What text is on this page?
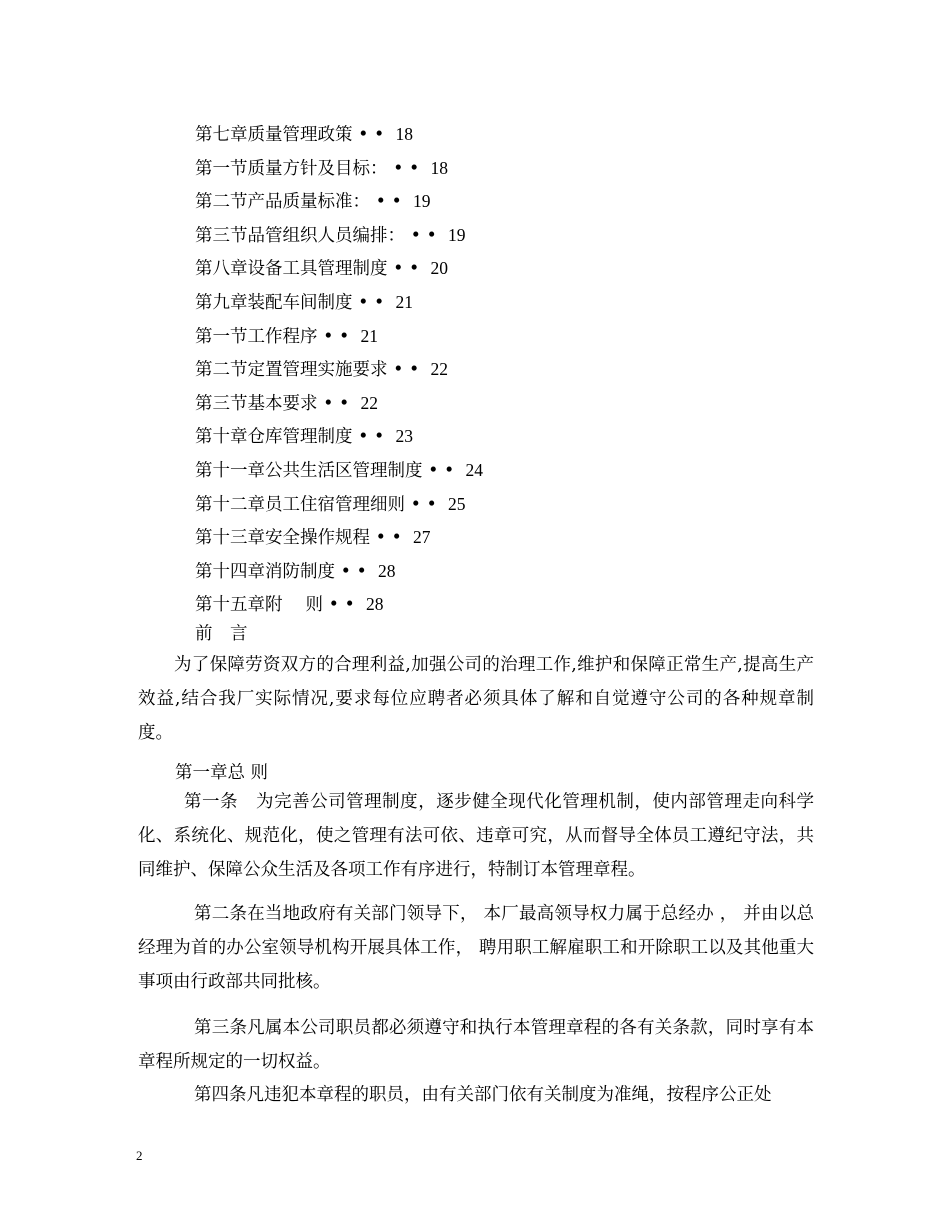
第七章质量管理政策 • • 18
第一节质量方针及目标： • • 18
第二节产品质量标准： • • 19
第三节品管组织人员编排： • • 19
第八章设备工具管理制度 • • 20
第九章装配车间制度 • • 21
第一节工作程序 • • 21
第二节定置管理实施要求 • • 22
第三节基本要求 • • 22
第十章仓库管理制度 • • 23
第十一章公共生活区管理制度 • • 24
第十二章员工住宿管理细则 • • 25
第十三章安全操作规程 • • 27
第十四章消防制度 • • 28
第十五章附　 则 • • 28
前　言

为了保障劳资双方的合理利益,加强公司的治理工作,维护和保障正常生产,提高生产效益,结合我厂实际情况,要求每位应聘者必须具体了解和自觉遵守公司的各种规章制度。

第一章总 则

第一条　为完善公司管理制度，逐步健全现代化管理机制，使内部管理走向科学化、系统化、规范化，使之管理有法可依、违章可究，从而督导全体员工遵纪守法，共同维护、保障公众生活及各项工作有序进行，特制订本管理章程。

第二条在当地政府有关部门领导下， 本厂最高领导权力属于总经办 ， 并由以总经理为首的办公室领导机构开展具体工作， 聘用职工解雇职工和开除职工以及其他重大事项由行政部共同批核。

第三条凡属本公司职员都必须遵守和执行本管理章程的各有关条款，同时享有本章程所规定的一切权益。

第四条凡违犯本章程的职员，由有关部门依有关制度为准绳，按程序公正处

2
